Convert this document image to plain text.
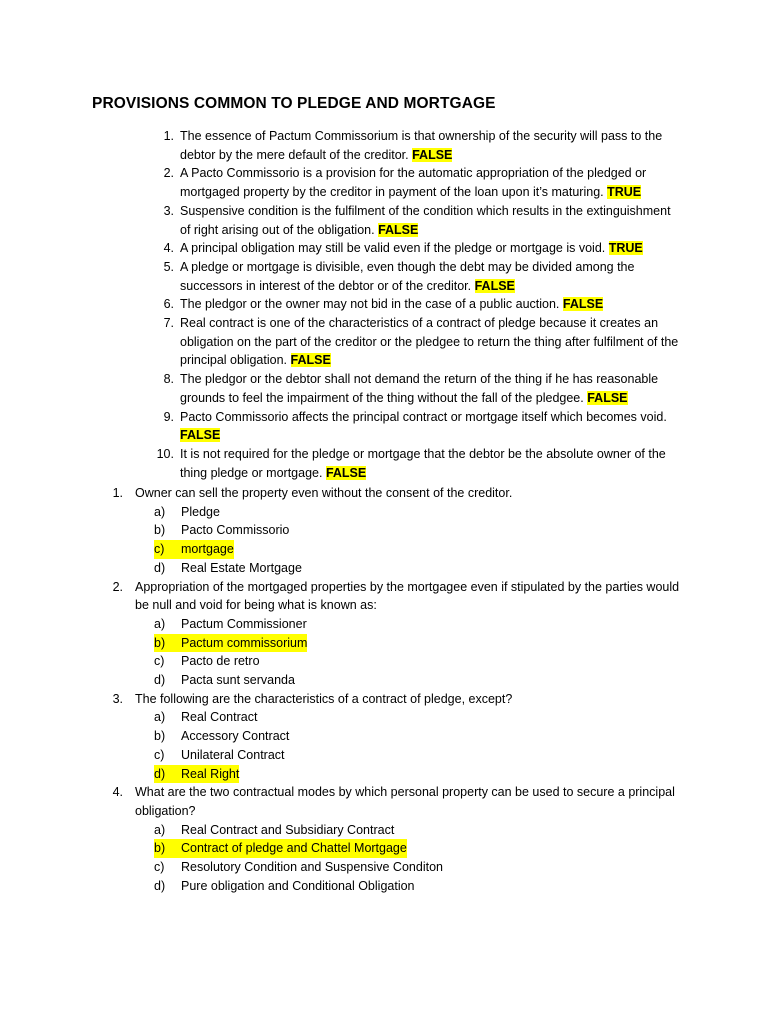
PROVISIONS COMMON TO PLEDGE AND MORTGAGE
1. The essence of Pactum Commissorium is that ownership of the security will pass to the debtor by the mere default of the creditor. FALSE
2. A Pacto Commissorio is a provision for the automatic appropriation of the pledged or mortgaged property by the creditor in payment of the loan upon it’s maturing. TRUE
3. Suspensive condition is the fulfilment of the condition which results in the extinguishment of right arising out of the obligation. FALSE
4. A principal obligation may still be valid even if the pledge or mortgage is void. TRUE
5. A pledge or mortgage is divisible, even though the debt may be divided among the successors in interest of the debtor or of the creditor. FALSE
6. The pledgor or the owner may not bid in the case of a public auction. FALSE
7. Real contract is one of the characteristics of a contract of pledge because it creates an obligation on the part of the creditor or the pledgee to return the thing after fulfilment of the principal obligation. FALSE
8. The pledgor or the debtor shall not demand the return of the thing if he has reasonable grounds to feel the impairment of the thing without the fall of the pledgee. FALSE
9. Pacto Commissorio affects the principal contract or mortgage itself which becomes void. FALSE
10. It is not required for the pledge or mortgage that the debtor be the absolute owner of the thing pledge or mortgage. FALSE
1. Owner can sell the property even without the consent of the creditor.
a) Pledge
b) Pacto Commissorio
c) mortgage
d) Real Estate Mortgage
2. Appropriation of the mortgaged properties by the mortgagee even if stipulated by the parties would be null and void for being what is known as:
a) Pactum Commissioner
b) Pactum commissorium
c) Pacto de retro
d) Pacta sunt servanda
3. The following are the characteristics of a contract of pledge, except?
a) Real Contract
b) Accessory Contract
c) Unilateral Contract
d) Real Right
4. What are the two contractual modes by which personal property can be used to secure a principal obligation?
a) Real Contract and Subsidiary Contract
b) Contract of pledge and Chattel Mortgage
c) Resolutory Condition and Suspensive Conditon
d) Pure obligation and Conditional Obligation
